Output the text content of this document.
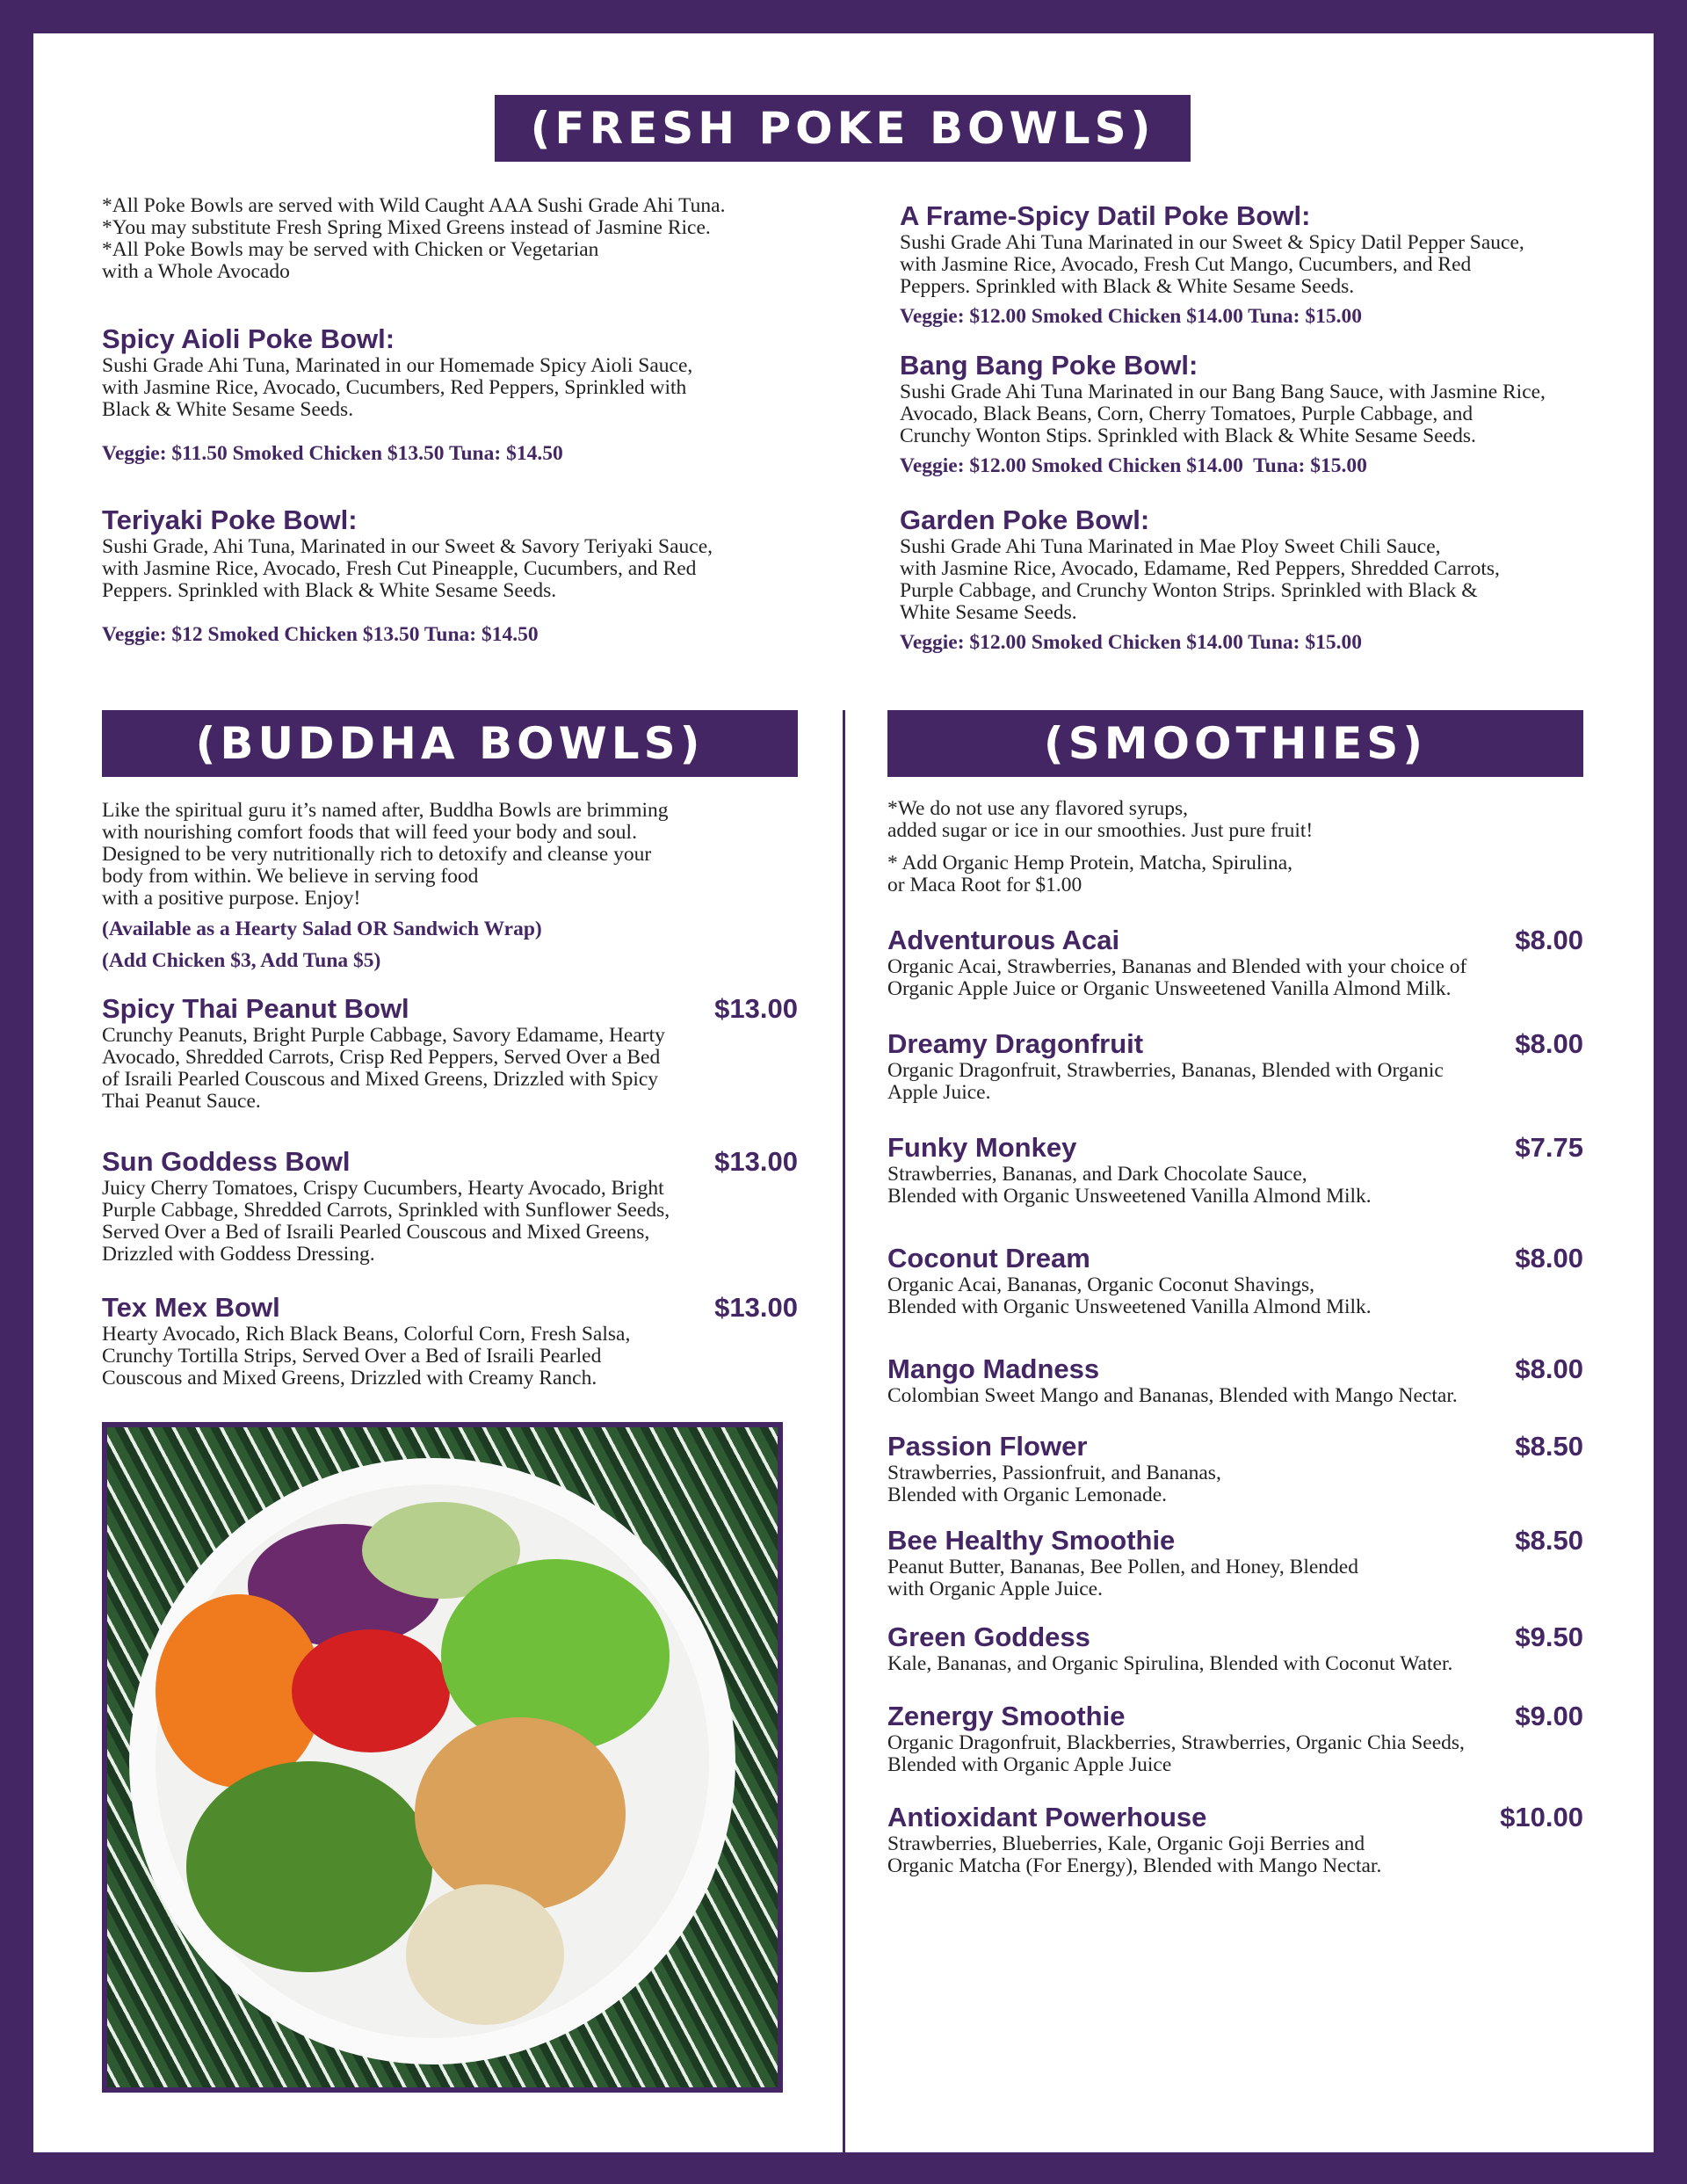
(FRESH POKE BOWLS)
*All Poke Bowls are served with Wild Caught AAA Sushi Grade Ahi Tuna.
*You may substitute Fresh Spring Mixed Greens instead of Jasmine Rice.
*All Poke Bowls may be served with Chicken or Vegetarian
with a Whole Avocado
(BUDDHA BOWLS)
Like the spiritual guru it’s named after, Buddha Bowls are brimming
with nourishing comfort foods that will feed your body and soul.
Designed to be very nutritionally rich to detoxify and cleanse your
body from within. We believe in serving food
with a positive purpose. Enjoy!
(Available as a Hearty Salad OR Sandwich Wrap)
(Add Chicken $3, Add Tuna $5)
(SMOOTHIES)
*We do not use any flavored syrups,
added sugar or ice in our smoothies. Just pure fruit!
* Add Organic Hemp Protein, Matcha, Spirulina,
or Maca Root for $1.00
Spicy Aioli Poke Bowl:
Sushi Grade Ahi Tuna, Marinated in our Homemade Spicy Aioli Sauce,
with Jasmine Rice, Avocado, Cucumbers, Red Peppers, Sprinkled with
Black & White Sesame Seeds.
Veggie: $11.50 Smoked Chicken $13.50 Tuna: $14.50
Teriyaki Poke Bowl:
Sushi Grade, Ahi Tuna, Marinated in our Sweet & Savory Teriyaki Sauce,
with Jasmine Rice, Avocado, Fresh Cut Pineapple, Cucumbers, and Red
Peppers. Sprinkled with Black & White Sesame Seeds.
Veggie: $12 Smoked Chicken $13.50 Tuna: $14.50
A Frame-Spicy Datil Poke Bowl:
Sushi Grade Ahi Tuna Marinated in our Sweet & Spicy Datil Pepper Sauce,
with Jasmine Rice, Avocado, Fresh Cut Mango, Cucumbers, and Red
Peppers. Sprinkled with Black & White Sesame Seeds.
Veggie: $12.00 Smoked Chicken $14.00 Tuna: $15.00
Bang Bang Poke Bowl:
Sushi Grade Ahi Tuna Marinated in our Bang Bang Sauce, with Jasmine Rice,
Avocado, Black Beans, Corn, Cherry Tomatoes, Purple Cabbage, and
Crunchy Wonton Stips. Sprinkled with Black & White Sesame Seeds.
Veggie: $12.00 Smoked Chicken $14.00  Tuna: $15.00
Garden Poke Bowl:
Sushi Grade Ahi Tuna Marinated in Mae Ploy Sweet Chili Sauce,
with Jasmine Rice, Avocado, Edamame, Red Peppers, Shredded Carrots,
Purple Cabbage, and Crunchy Wonton Strips. Sprinkled with Black &
White Sesame Seeds.
Veggie: $12.00 Smoked Chicken $14.00 Tuna: $15.00
Spicy Thai Peanut Bowl	$13.00
Crunchy Peanuts, Bright Purple Cabbage, Savory Edamame, Hearty
Avocado, Shredded Carrots, Crisp Red Peppers, Served Over a Bed
of Israili Pearled Couscous and Mixed Greens, Drizzled with Spicy
Thai Peanut Sauce.
Sun Goddess Bowl	$13.00
Juicy Cherry Tomatoes, Crispy Cucumbers, Hearty Avocado, Bright
Purple Cabbage, Shredded Carrots, Sprinkled with Sunflower Seeds,
Served Over a Bed of Israili Pearled Couscous and Mixed Greens,
Drizzled with Goddess Dressing.
Tex Mex Bowl	$13.00
Hearty Avocado, Rich Black Beans, Colorful Corn, Fresh Salsa,
Crunchy Tortilla Strips, Served Over a Bed of Israili Pearled
Couscous and Mixed Greens, Drizzled with Creamy Ranch.
Adventurous Acai	$8.00
Organic Acai, Strawberries, Bananas and Blended with your choice of
Organic Apple Juice or Organic Unsweetened Vanilla Almond Milk.
Dreamy Dragonfruit	$8.00
Organic Dragonfruit, Strawberries, Bananas, Blended with Organic
Apple Juice.
Funky Monkey	$7.75
Strawberries, Bananas, and Dark Chocolate Sauce,
Blended with Organic Unsweetened Vanilla Almond Milk.
Coconut Dream	$8.00
Organic Acai, Bananas, Organic Coconut Shavings,
Blended with Organic Unsweetened Vanilla Almond Milk.
Mango Madness	$8.00
Colombian Sweet Mango and Bananas, Blended with Mango Nectar.
Passion Flower	$8.50
Strawberries, Passionfruit, and Bananas,
Blended with Organic Lemonade.
Bee Healthy Smoothie	$8.50
Peanut Butter, Bananas, Bee Pollen, and Honey, Blended
with Organic Apple Juice.
Green Goddess	$9.50
Kale, Bananas, and Organic Spirulina, Blended with Coconut Water.
Zenergy Smoothie	$9.00
Organic Dragonfruit, Blackberries, Strawberries, Organic Chia Seeds,
Blended with Organic Apple Juice
Antioxidant Powerhouse	$10.00
Strawberries, Blueberries, Kale, Organic Goji Berries and
Organic Matcha (For Energy), Blended with Mango Nectar.
